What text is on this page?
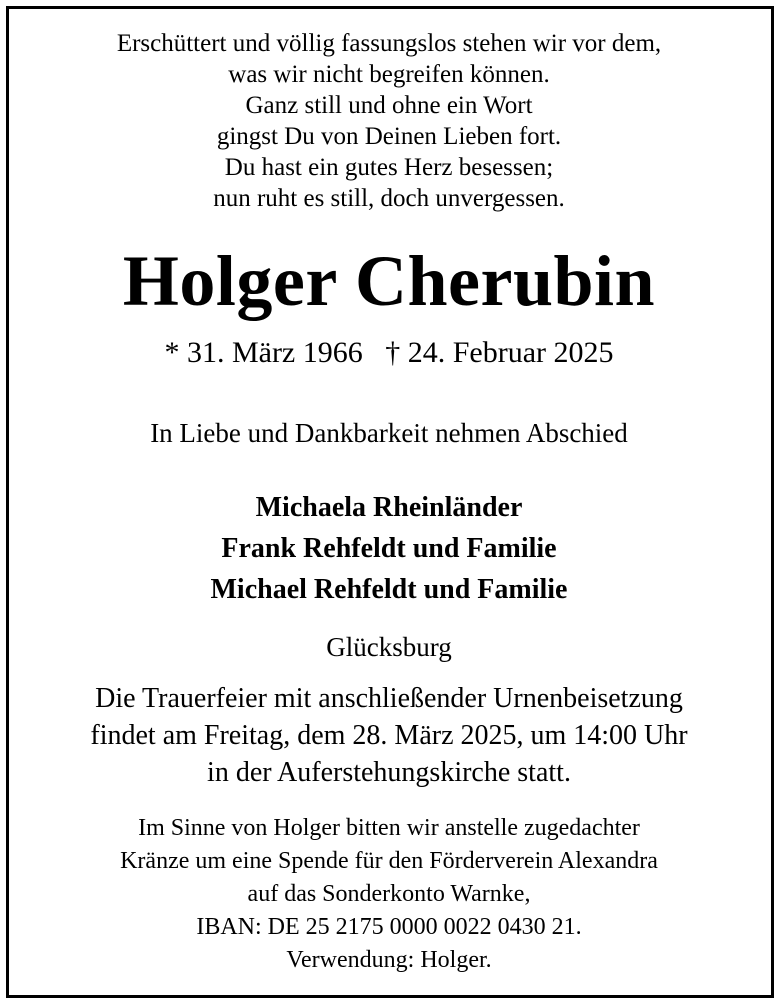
Erschüttert und völlig fassungslos stehen wir vor dem,
was wir nicht begreifen können.
Ganz still und ohne ein Wort
gingst Du von Deinen Lieben fort.
Du hast ein gutes Herz besessen;
nun ruht es still, doch unvergessen.
Holger Cherubin
* 31. März 1966   † 24. Februar 2025
In Liebe und Dankbarkeit nehmen Abschied
Michaela Rheinländer
Frank Rehfeldt und Familie
Michael Rehfeldt und Familie
Glücksburg
Die Trauerfeier mit anschließender Urnenbeisetzung
findet am Freitag, dem 28. März 2025, um 14:00 Uhr
in der Auferstehungskirche statt.
Im Sinne von Holger bitten wir anstelle zugedachter
Kränze um eine Spende für den Förderverein Alexandra
auf das Sonderkonto Warnke,
IBAN: DE 25 2175 0000 0022 0430 21.
Verwendung: Holger.
